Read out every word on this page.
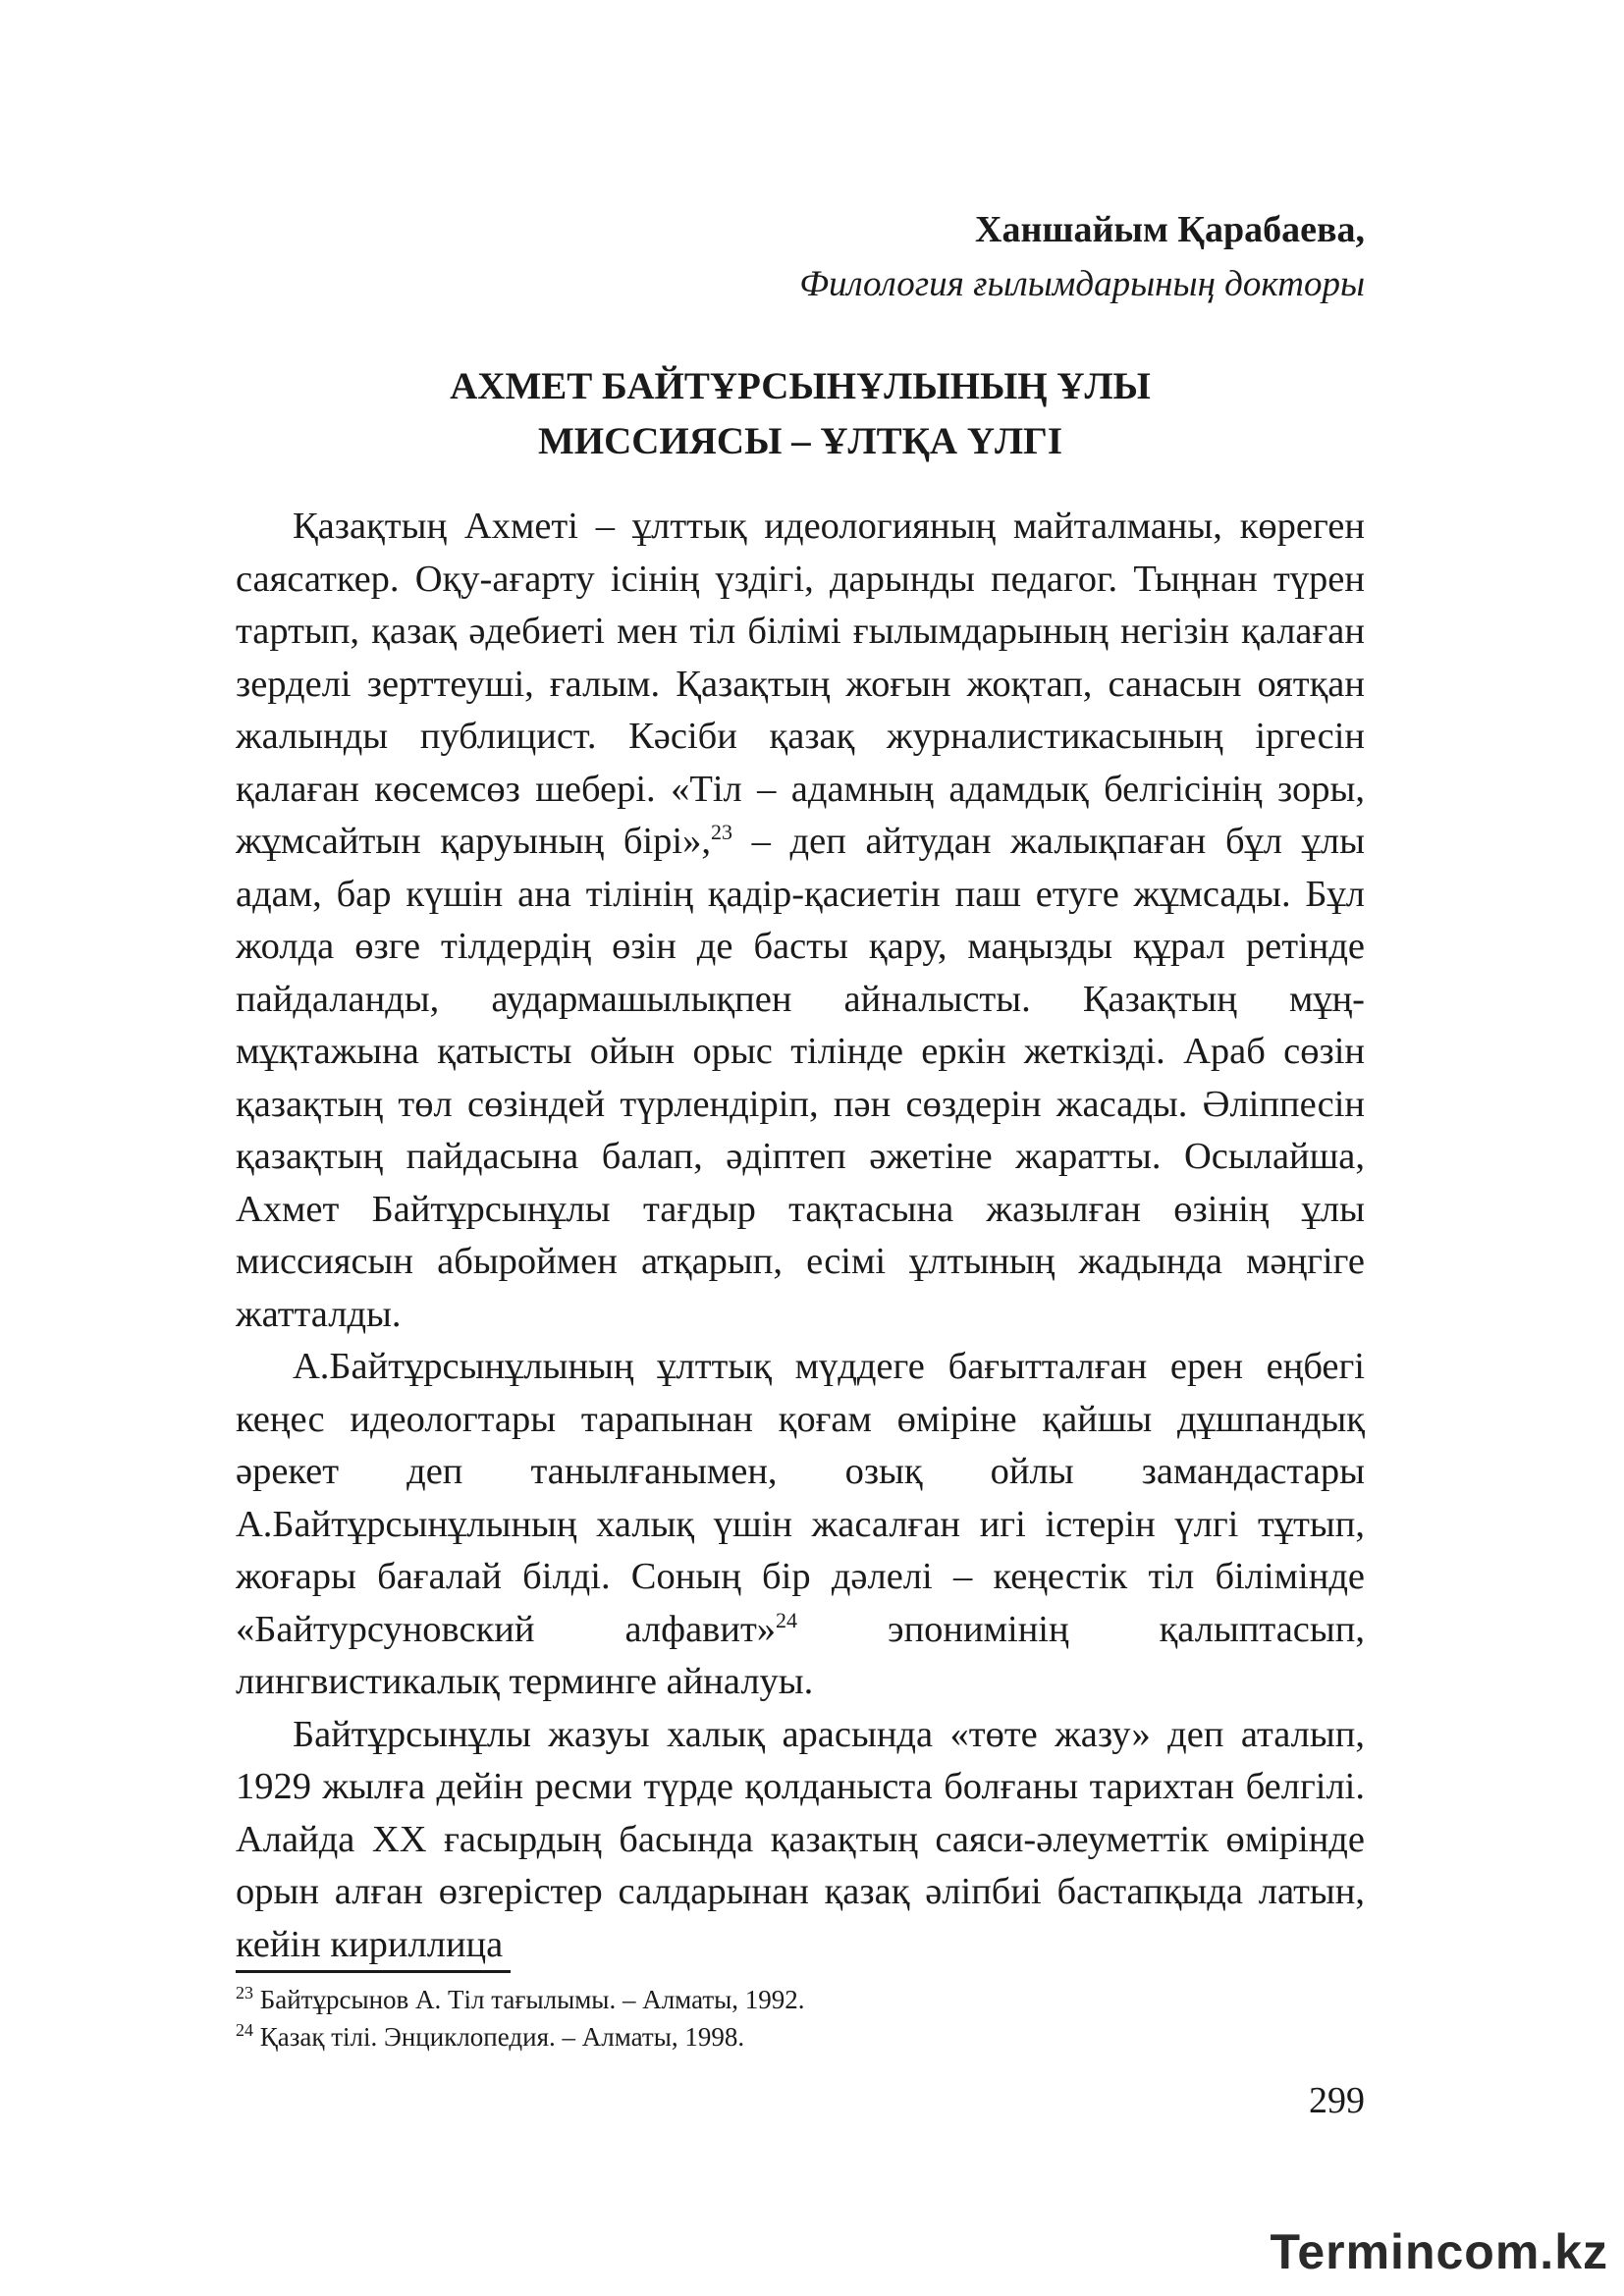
Ханшайым Қарабаева,
Филология ғылымдарының докторы
АХМЕТ БАЙТҰРСЫНҰЛЫНЫҢ ҰЛЫ
МИССИЯСЫ – ҰЛТҚА ҮЛГІ

Қазақтың Ахметі – ұлттық идеологияның майталманы, көреген саясаткер. Оқу-ағарту ісінің үздігі, дарынды педагог. Тыңнан түрен тартып, қазақ әдебиеті мен тіл білімі ғылымдарының негізін қалаған зерделі зерттеуші, ғалым. Қазақтың жоғын жоқтап, санасын оятқан жалынды публицист. Кәсіби қазақ журналистикасының іргесін қалаған көсемсөз шебері. «Тіл – адамның адамдық белгісінің зоры, жұмсайтын қаруының бірі»,$^{23}$ – деп айтудан жалықпаған бұл ұлы адам, бар күшін ана тілінің қадір-қасиетін паш етуге жұмсады. Бұл жолда өзге тілдердің өзін де басты қару, маңызды құрал ретінде пайдаланды, аудармашылықпен айналысты. Қазақтың мұң-мұқтажына қатысты ойын орыс тілінде еркін жеткізді. Араб сөзін қазақтың төл сөзіндей түрлендіріп, пән сөздерін жасады. Әліппесін қазақтың пайдасына балап, әдіптеп әжетіне жаратты. Осылайша, Ахмет Байтұрсынұлы тағдыр тақтасына жазылған өзінің ұлы миссиясын абыроймен атқарып, есімі ұлтының жадында мәңгіге жатталды.

А.Байтұрсынұлының ұлттық мүддеге бағытталған ерен еңбегі кеңес идеологтары тарапынан қоғам өміріне қайшы дұшпандық әрекет деп танылғанымен, озық ойлы замандастары А.Байтұрсынұлының халық үшін жасалған игі істерін үлгі тұтып, жоғары бағалай білді. Соның бір дәлелі – кеңестік тіл білімінде «Байтурсуновский алфавит»$^{24}$ эпонимінің қалыптасып, лингвистикалық терминге айналуы.

Байтұрсынұлы жазуы халық арасында «төте жазу» деп аталып, 1929 жылға дейін ресми түрде қолданыста болғаны тарихтан белгілі. Алайда ХХ ғасырдың басында қазақтың саяси-әлеуметтік өмірінде орын алған өзгерістер салдарынан қазақ әліпбиі бастапқыда латын, кейін кириллица

$^{23}$ Байтұрсынов А. Тіл тағылымы. – Алматы, 1992.
$^{24}$ Қазақ тілі. Энциклопедия. – Алматы, 1998.
299
Termincom.kz
